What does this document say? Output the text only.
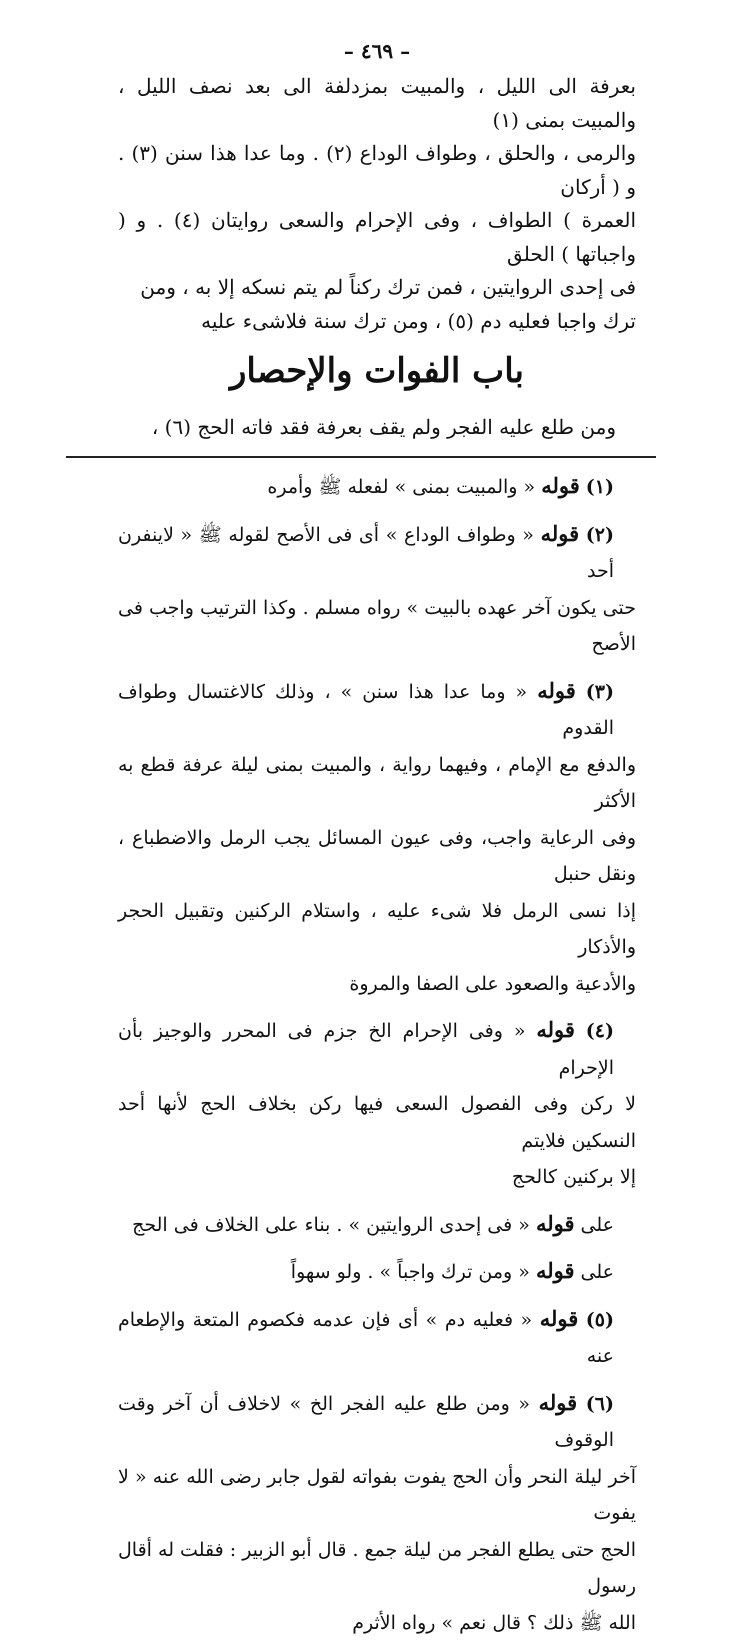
– ٤٦٩ –

بعرفة الى الليل ، والمبيت بمزدلفة الى بعد نصف الليل ، والمبيت بمنى (١)

والرمى ، والحلق ، وطواف الوداع (٢) . وما عدا هذا سنن (٣) . و ( أركان

العمرة ) الطواف ، وفى الإحرام والسعى روايتان (٤) . و ( واجباتها ) الحلق

فى إحدى الروايتين ، فمن ترك ركناً لم يتم نسكه إلا به ، ومن

ترك واجبا فعليه دم (٥) ، ومن ترك سنة فلاشىء عليه

باب الفوات والإحصار

ومن طلع عليه الفجر ولم يقف بعرفة فقد فاته الحج (٦) ،

(١) قوله « والمبيت بمنى » لفعله ﷺ وأمره
(٢) قوله « وطواف الوداع » أى فى الأصح لقوله ﷺ « لاينفرن أحد
حتى يكون آخر عهده بالبيت » رواه مسلم . وكذا الترتيب واجب فى الأصح
(٣) قوله « وما عدا هذا سنن » ، وذلك كالاغتسال وطواف القدوم
والدفع مع الإمام ، وفيهما رواية ، والمبيت بمنى ليلة عرفة قطع به الأكثر
وفى الرعاية واجب، وفى عيون المسائل يجب الرمل والاضطباع ، ونقل حنبل
إذا نسى الرمل فلا شىء عليه ، واستلام الركنين وتقبيل الحجر والأذكار
والأدعية والصعود على الصفا والمروة
(٤) قوله « وفى الإحرام الخ جزم فى المحرر والوجيز بأن الإحرام
لا ركن وفى الفصول السعى فيها ركن بخلاف الحج لأنها أحد النسكين فلايتم
إلا بركنين كالحج
على قوله « فى إحدى الروايتين » . بناء على الخلاف فى الحج
على قوله « ومن ترك واجباً » . ولو سهواً
(٥) قوله « فعليه دم » أى فإن عدمه فكصوم المتعة والإطعام عنه
(٦) قوله « ومن طلع عليه الفجر الخ » لاخلاف أن آخر وقت الوقوف
آخر ليلة النحر وأن الحج يفوت بفواته لقول جابر رضى الله عنه « لا يفوت
الحج حتى يطلع الفجر من ليلة جمع . قال أبو الزبير : فقلت له أقال رسول
الله ﷺ ذلك ؟ قال نعم » رواه الأثرم
